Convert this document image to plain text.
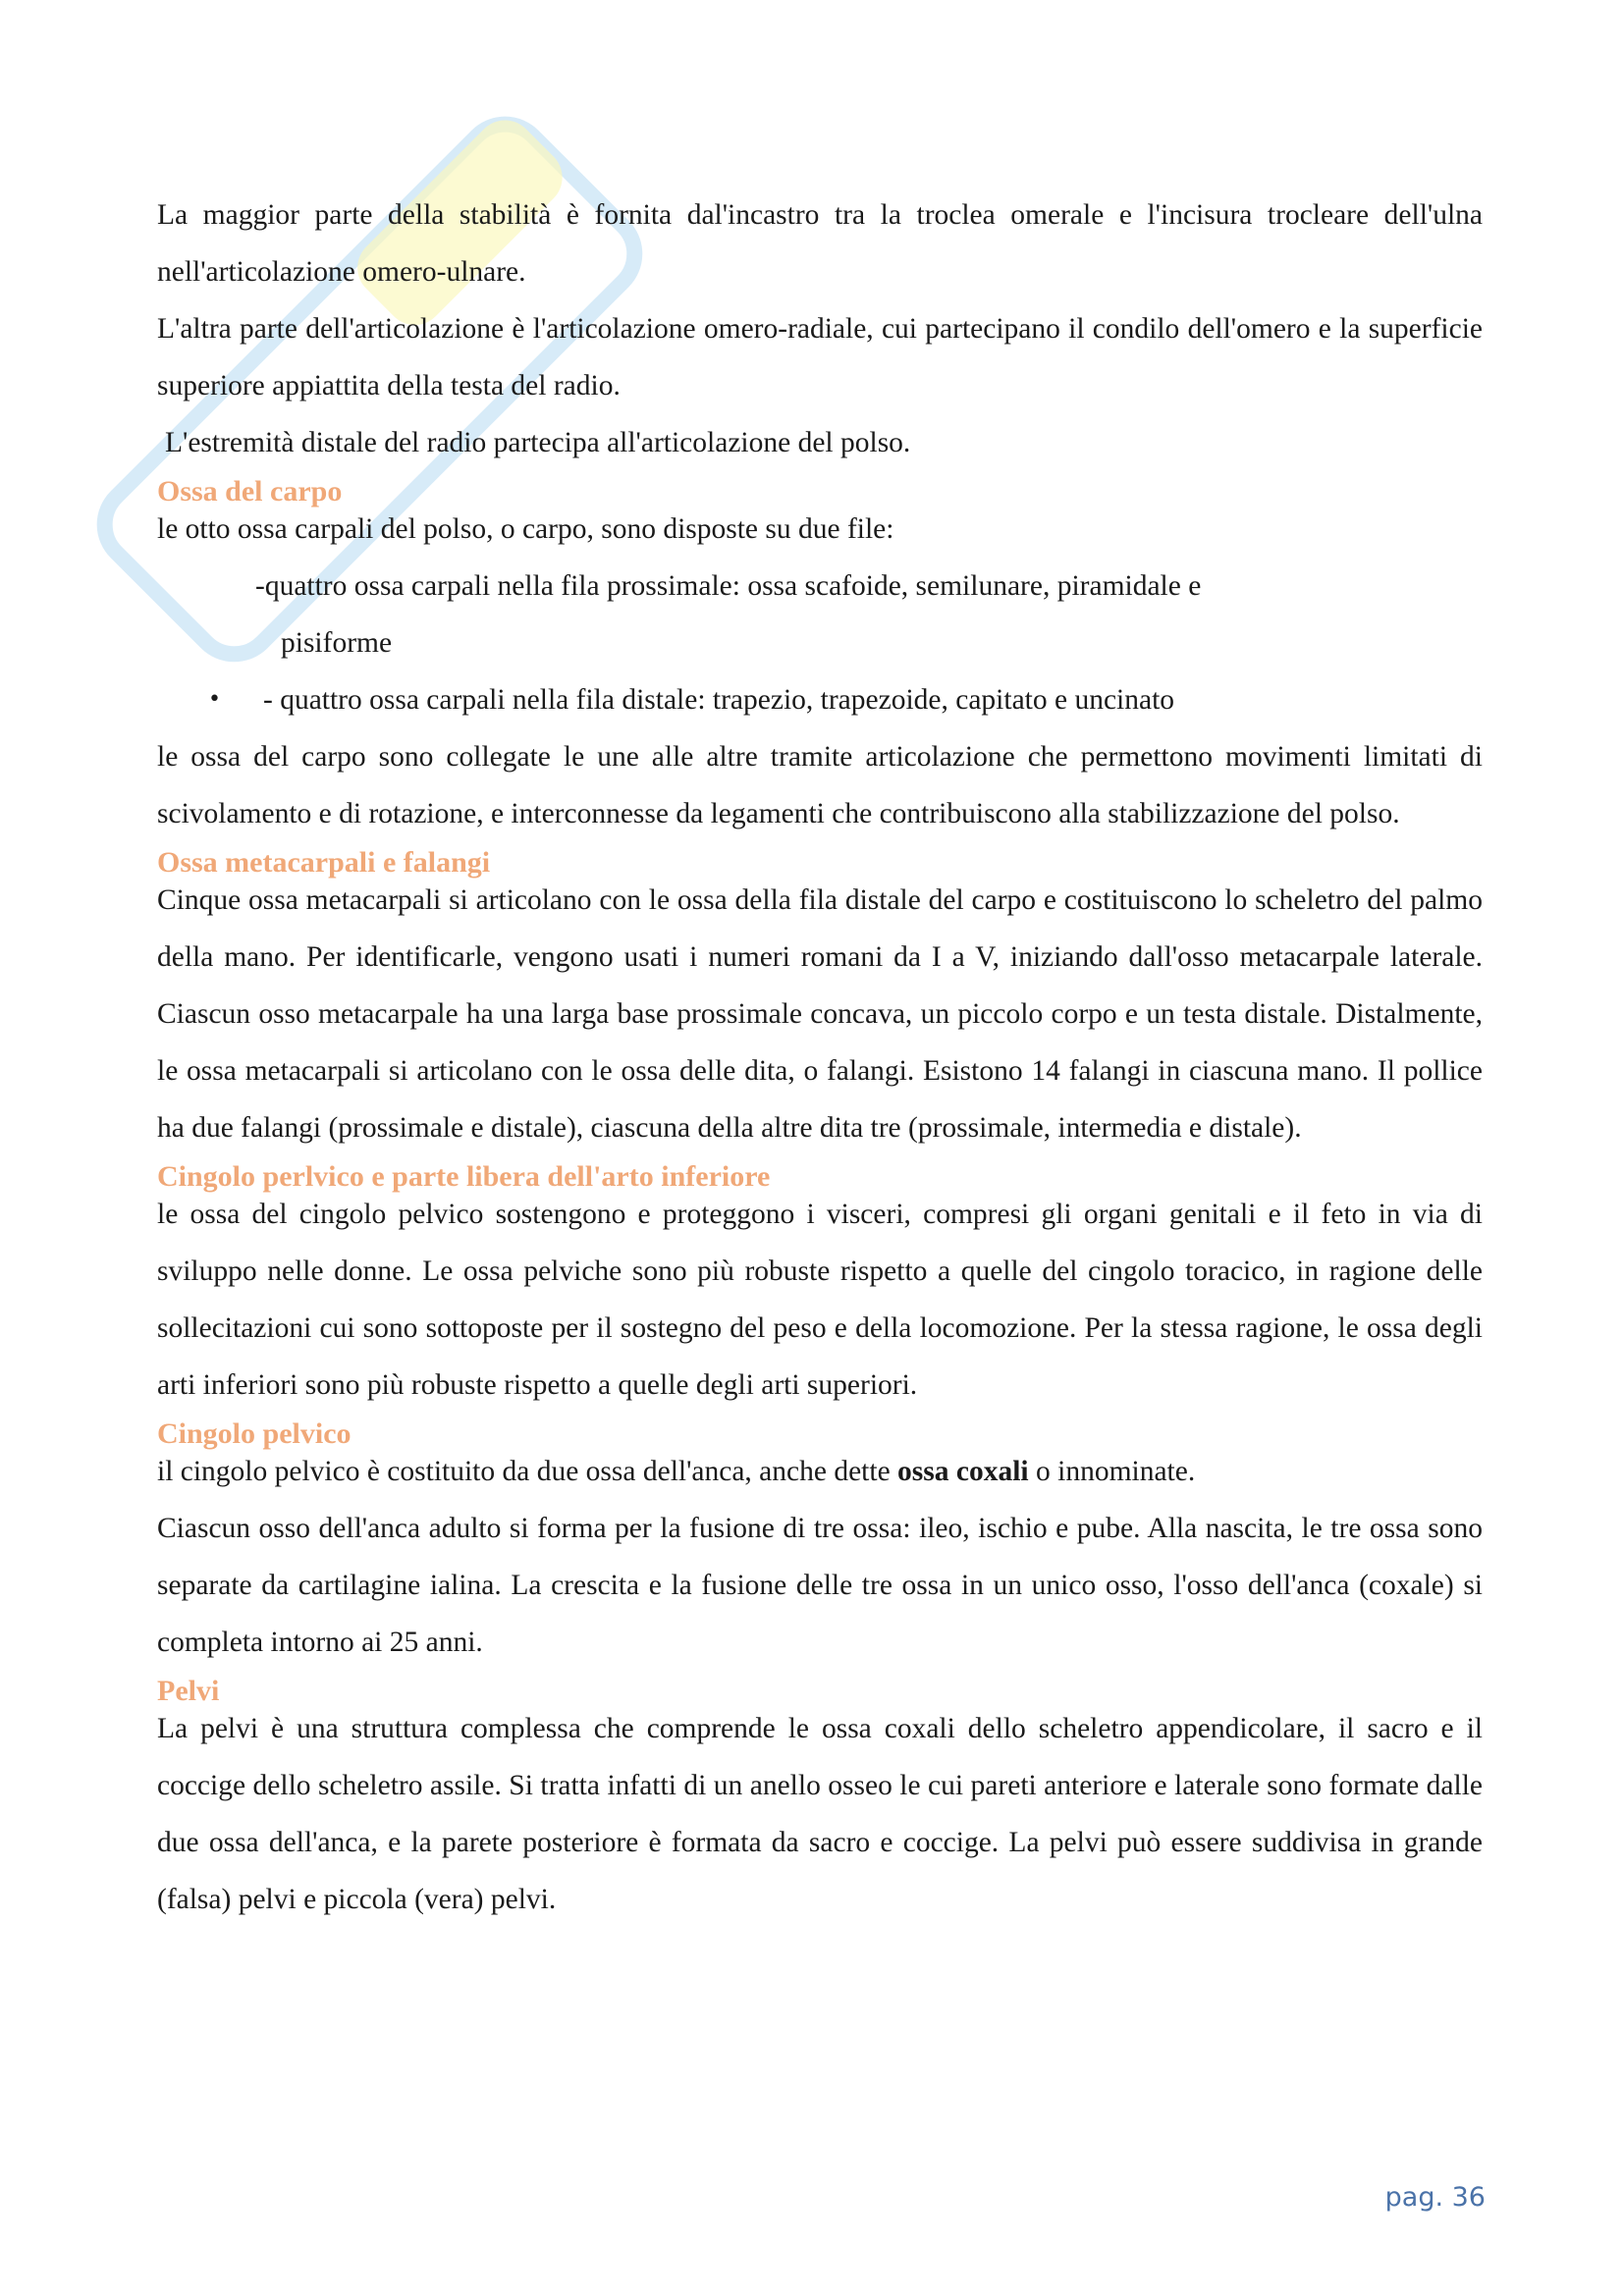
La maggior parte della stabilità è fornita dal'incastro tra la troclea omerale e l'incisura trocleare dell'ulna nell'articolazione omero-ulnare.

L'altra parte dell'articolazione è l'articolazione omero-radiale, cui partecipano il condilo dell'omero e la superficie superiore appiattita della testa del radio.

L'estremità distale del radio partecipa all'articolazione del polso.

Ossa del carpo

le otto ossa carpali del polso, o carpo, sono disposte su due file:

-quattro ossa carpali nella fila prossimale: ossa scafoide, semilunare, piramidale e
pisiforme
• - quattro ossa carpali nella fila distale: trapezio, trapezoide, capitato e uncinato

le ossa del carpo sono collegate le une alle altre tramite articolazione che permettono movimenti limitati di scivolamento e di rotazione, e interconnesse da legamenti che contribuiscono alla stabilizzazione del polso.

Ossa metacarpali e falangi

Cinque ossa metacarpali si articolano con le ossa della fila distale del carpo e costituiscono lo scheletro del palmo della mano. Per identificarle, vengono usati i numeri romani da I a V, iniziando dall'osso metacarpale laterale. Ciascun osso metacarpale ha una larga base prossimale concava, un piccolo corpo e un testa distale. Distalmente, le ossa metacarpali si articolano con le ossa delle dita, o falangi. Esistono 14 falangi in ciascuna mano. Il pollice ha due falangi (prossimale e distale), ciascuna della altre dita tre (prossimale, intermedia e distale).

Cingolo perlvico e parte libera dell'arto inferiore

le ossa del cingolo pelvico sostengono e proteggono i visceri, compresi gli organi genitali e il feto in via di sviluppo nelle donne. Le ossa pelviche sono più robuste rispetto a quelle del cingolo toracico, in ragione delle sollecitazioni cui sono sottoposte per il sostegno del peso e della locomozione. Per la stessa ragione, le ossa degli arti inferiori sono più robuste rispetto a quelle degli arti superiori.

Cingolo pelvico

il cingolo pelvico è costituito da due ossa dell'anca, anche dette ossa coxali o innominate.

Ciascun osso dell'anca adulto si forma per la fusione di tre ossa: ileo, ischio e pube. Alla nascita, le tre ossa sono separate da cartilagine ialina. La crescita e la fusione delle tre ossa in un unico osso, l'osso dell'anca (coxale) si completa intorno ai 25 anni.

Pelvi

La pelvi è una struttura complessa che comprende le ossa coxali dello scheletro appendicolare, il sacro e il coccige dello scheletro assile. Si tratta infatti di un anello osseo le cui pareti anteriore e laterale sono formate dalle due ossa dell'anca, e la parete posteriore è formata da sacro e coccige. La pelvi può essere suddivisa in grande (falsa) pelvi e piccola (vera) pelvi.

pag. 36
